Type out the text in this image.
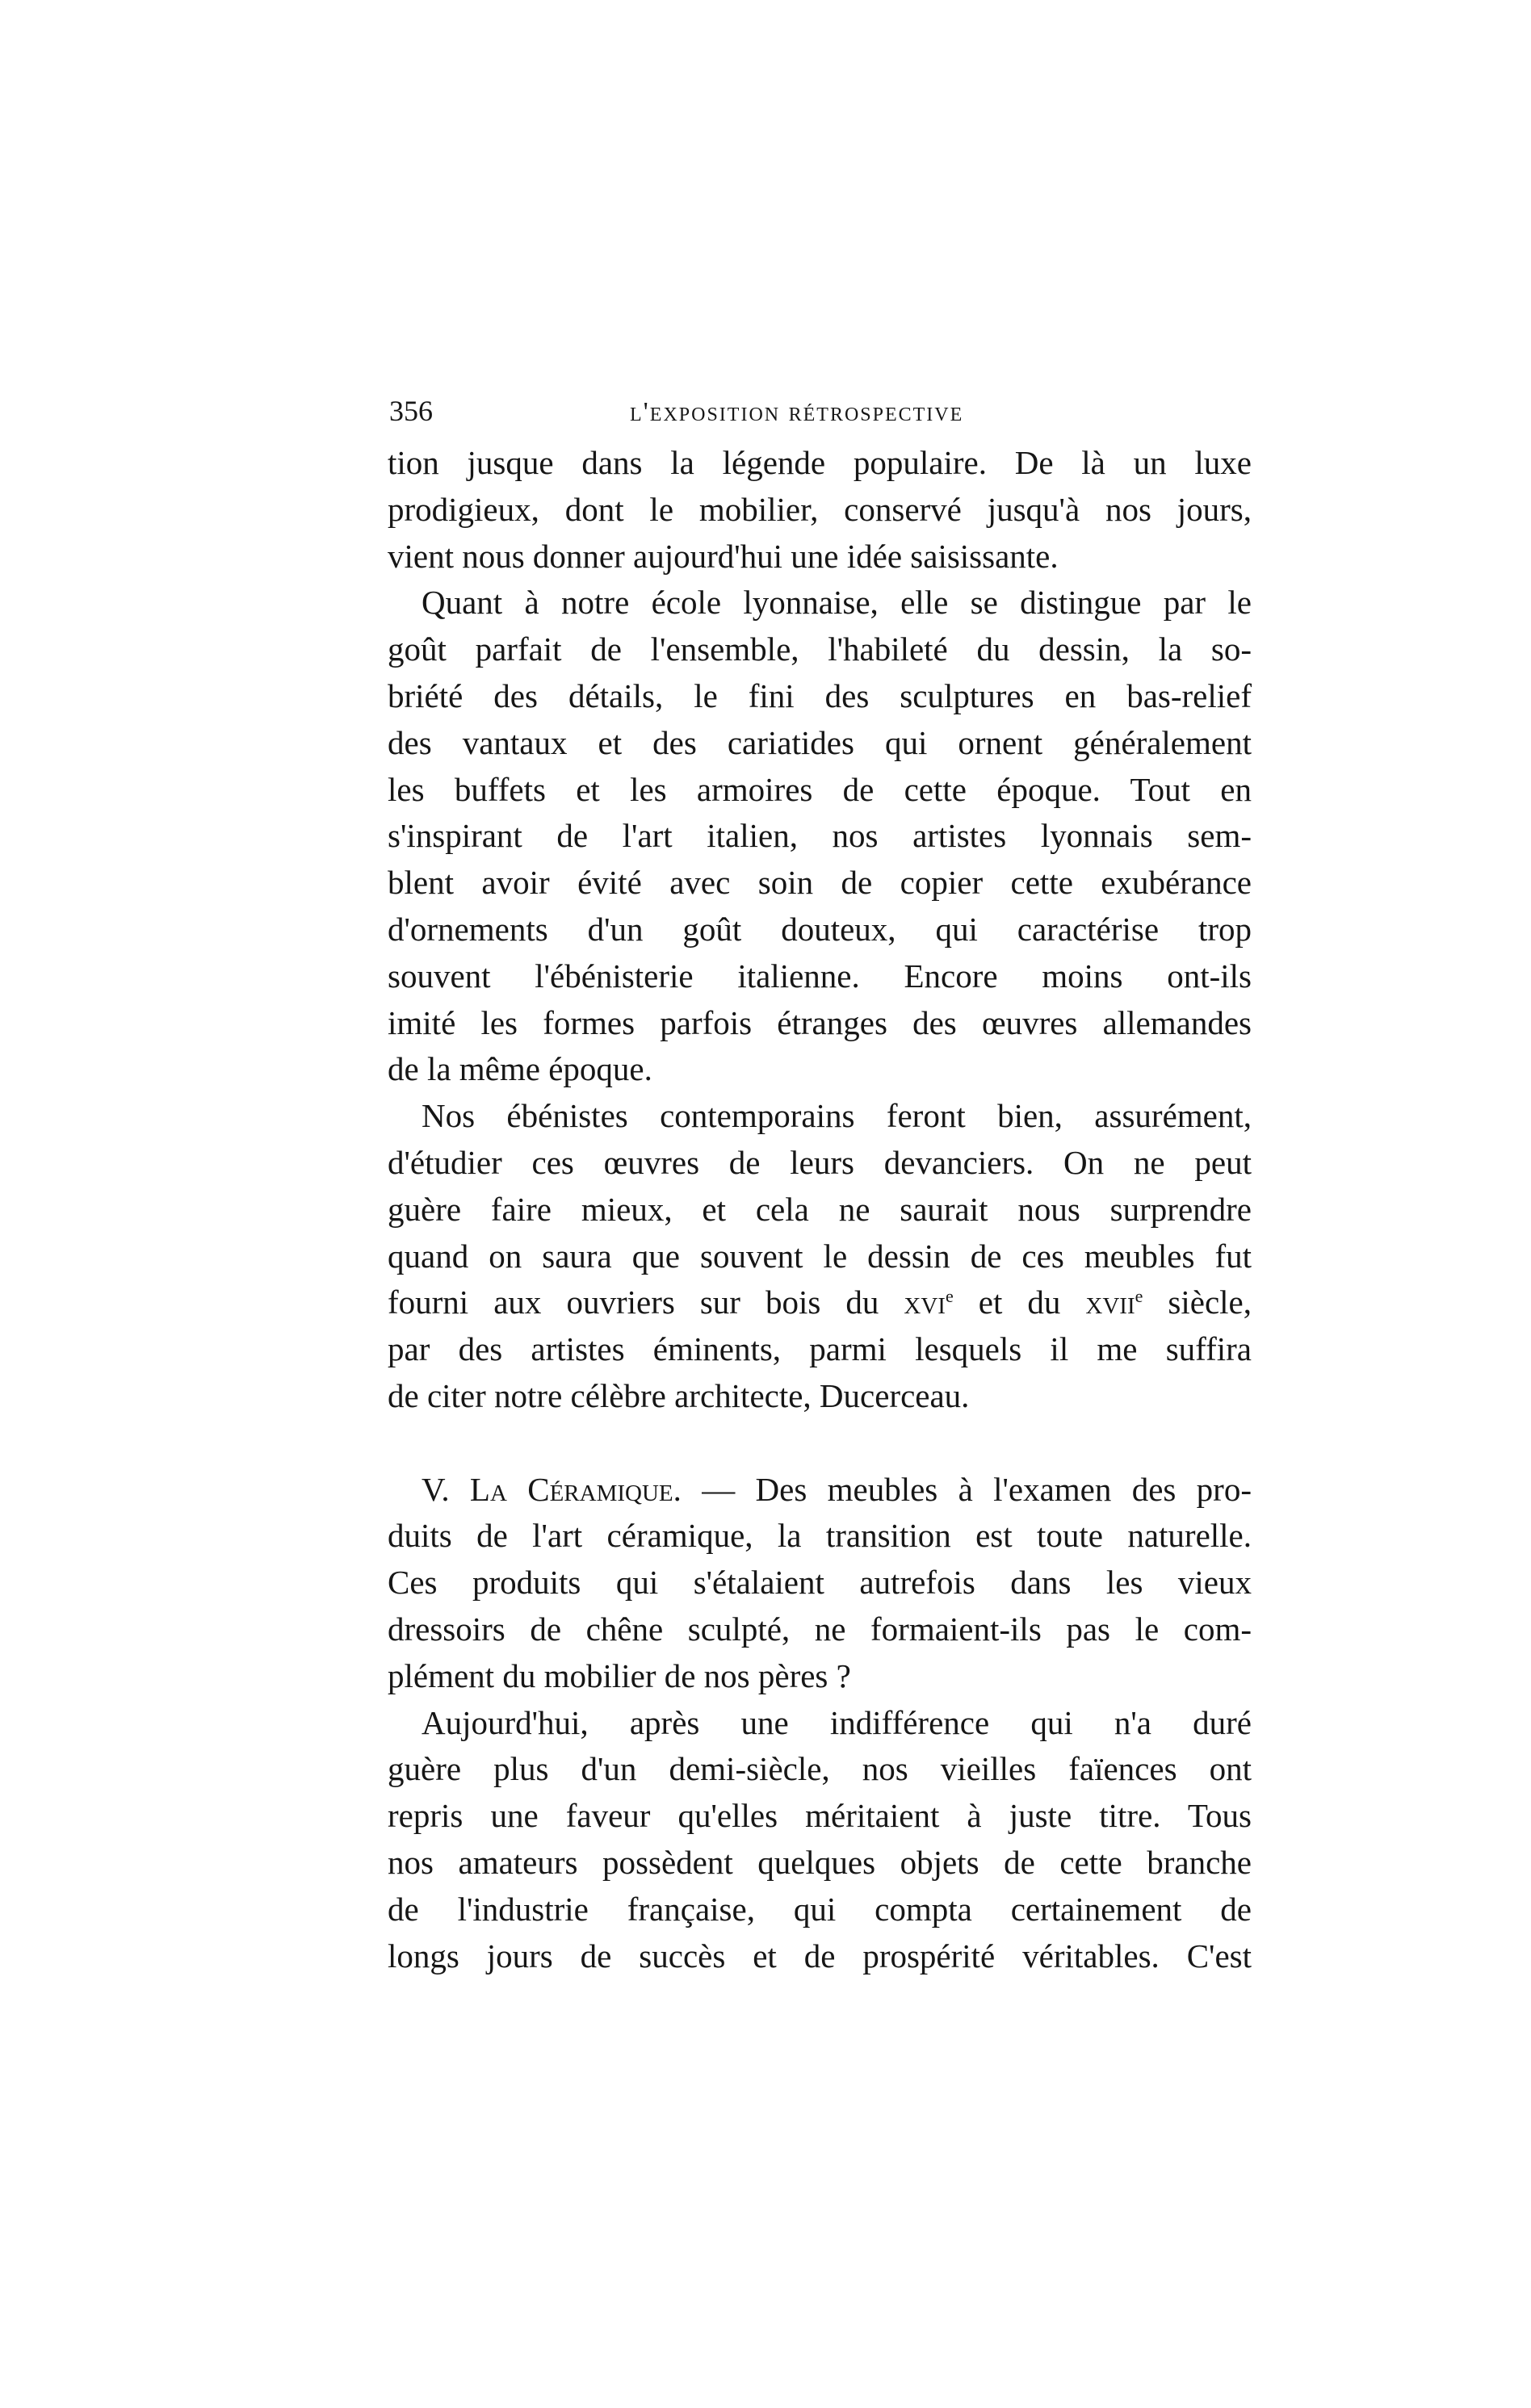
356	l'exposition rétrospective
tion jusque dans la légende populaire. De là un luxe
prodigieux, dont le mobilier, conservé jusqu'à nos jours,
vient nous donner aujourd'hui une idée saisissante.
Quant à notre école lyonnaise, elle se distingue par le
goût parfait de l'ensemble, l'habileté du dessin, la so-
briété des détails, le fini des sculptures en bas-relief
des vantaux et des cariatides qui ornent généralement
les buffets et les armoires de cette époque. Tout en
s'inspirant de l'art italien, nos artistes lyonnais sem-
blent avoir évité avec soin de copier cette exubérance
d'ornements d'un goût douteux, qui caractérise trop
souvent l'ébénisterie italienne. Encore moins ont-ils
imité les formes parfois étranges des œuvres allemandes
de la même époque.
Nos ébénistes contemporains feront bien, assurément,
d'étudier ces œuvres de leurs devanciers. On ne peut
guère faire mieux, et cela ne saurait nous surprendre
quand on saura que souvent le dessin de ces meubles fut
fourni aux ouvriers sur bois du xvi$^e$ et du xvii$^e$ siècle,
par des artistes éminents, parmi lesquels il me suffira
de citer notre célèbre architecte, Ducerceau.
V. La Céramique. — Des meubles à l'examen des pro-
duits de l'art céramique, la transition est toute naturelle.
Ces produits qui s'étalaient autrefois dans les vieux
dressoirs de chêne sculpté, ne formaient-ils pas le com-
plément du mobilier de nos pères ?
Aujourd'hui, après une indifférence qui n'a duré
guère plus d'un demi-siècle, nos vieilles faïences ont
repris une faveur qu'elles méritaient à juste titre. Tous
nos amateurs possèdent quelques objets de cette branche
de l'industrie française, qui compta certainement de
longs jours de succès et de prospérité véritables. C'est
